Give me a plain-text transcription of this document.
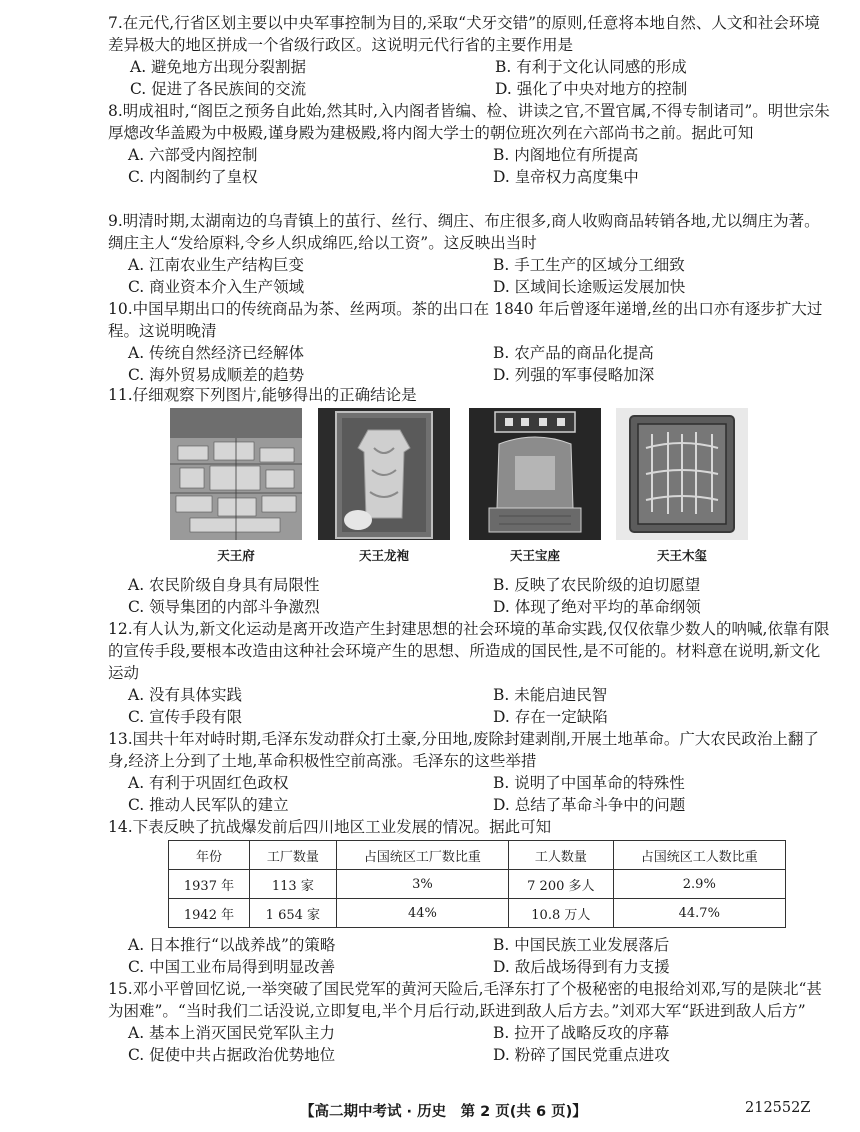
7.在元代,行省区划主要以中央军事控制为目的,采取“犬牙交错”的原则,任意将本地自然、人文和社会环境差异极大的地区拼成一个省级行政区。这说明元代行省的主要作用是
A. 避免地方出现分裂割据	B. 有利于文化认同感的形成
C. 促进了各民族间的交流	D. 强化了中央对地方的控制
8.明成祖时,“阁臣之预务自此始,然其时,入内阁者皆编、检、讲读之官,不置官属,不得专制诸司”。明世宗朱厚熜改华盖殿为中极殿,谨身殿为建极殿,将内阁大学士的朝位班次列在六部尚书之前。据此可知
A. 六部受内阁控制	B. 内阁地位有所提高
C. 内阁制约了皇权	D. 皇帝权力高度集中
9.明清时期,太湖南边的乌青镇上的茧行、丝行、绸庄、布庄很多,商人收购商品转销各地,尤以绸庄为著。绸庄主人“发给原料,令乡人织成绵匹,给以工资”。这反映出当时
A. 江南农业生产结构巨变	B. 手工生产的区域分工细致
C. 商业资本介入生产领域	D. 区域间长途贩运发展加快
10.中国早期出口的传统商品为茶、丝两项。茶的出口在 1840 年后曾逐年递增,丝的出口亦有逐步扩大过程。这说明晚清
A. 传统自然经济已经解体	B. 农产品的商品化提高
C. 海外贸易成顺差的趋势	D. 列强的军事侵略加深
11.仔细观察下列图片,能够得出的正确结论是
天王府	天王龙袍	天王宝座	天王木玺
A. 农民阶级自身具有局限性	B. 反映了农民阶级的迫切愿望
C. 领导集团的内部斗争激烈	D. 体现了绝对平均的革命纲领
12.有人认为,新文化运动是离开改造产生封建思想的社会环境的革命实践,仅仅依靠少数人的呐喊,依靠有限的宣传手段,要根本改造由这种社会环境产生的思想、所造成的国民性,是不可能的。材料意在说明,新文化运动
A. 没有具体实践	B. 未能启迪民智
C. 宣传手段有限	D. 存在一定缺陷
13.国共十年对峙时期,毛泽东发动群众打土豪,分田地,废除封建剥削,开展土地革命。广大农民政治上翻了身,经济上分到了土地,革命积极性空前高涨。毛泽东的这些举措
A. 有利于巩固红色政权	B. 说明了中国革命的特殊性
C. 推动人民军队的建立	D. 总结了革命斗争中的问题
14.下表反映了抗战爆发前后四川地区工业发展的情况。据此可知
年份	工厂数量	占国统区工厂数比重	工人数量	占国统区工人数比重
1937 年	113 家	3%	7 200 多人	2.9%
1942 年	1 654 家	44%	10.8 万人	44.7%
A. 日本推行“以战养战”的策略	B. 中国民族工业发展落后
C. 中国工业布局得到明显改善	D. 敌后战场得到有力支援
15.邓小平曾回忆说,一举突破了国民党军的黄河天险后,毛泽东打了个极秘密的电报给刘邓,写的是陕北“甚为困难”。“当时我们二话没说,立即复电,半个月后行动,跃进到敌人后方去。”刘邓大军“跃进到敌人后方”
A. 基本上消灭国民党军队主力	B. 拉开了战略反攻的序幕
C. 促使中共占据政治优势地位	D. 粉碎了国民党重点进攻
【高二期中考试 · 历史　第 2 页(共 6 页)】	212552Z
